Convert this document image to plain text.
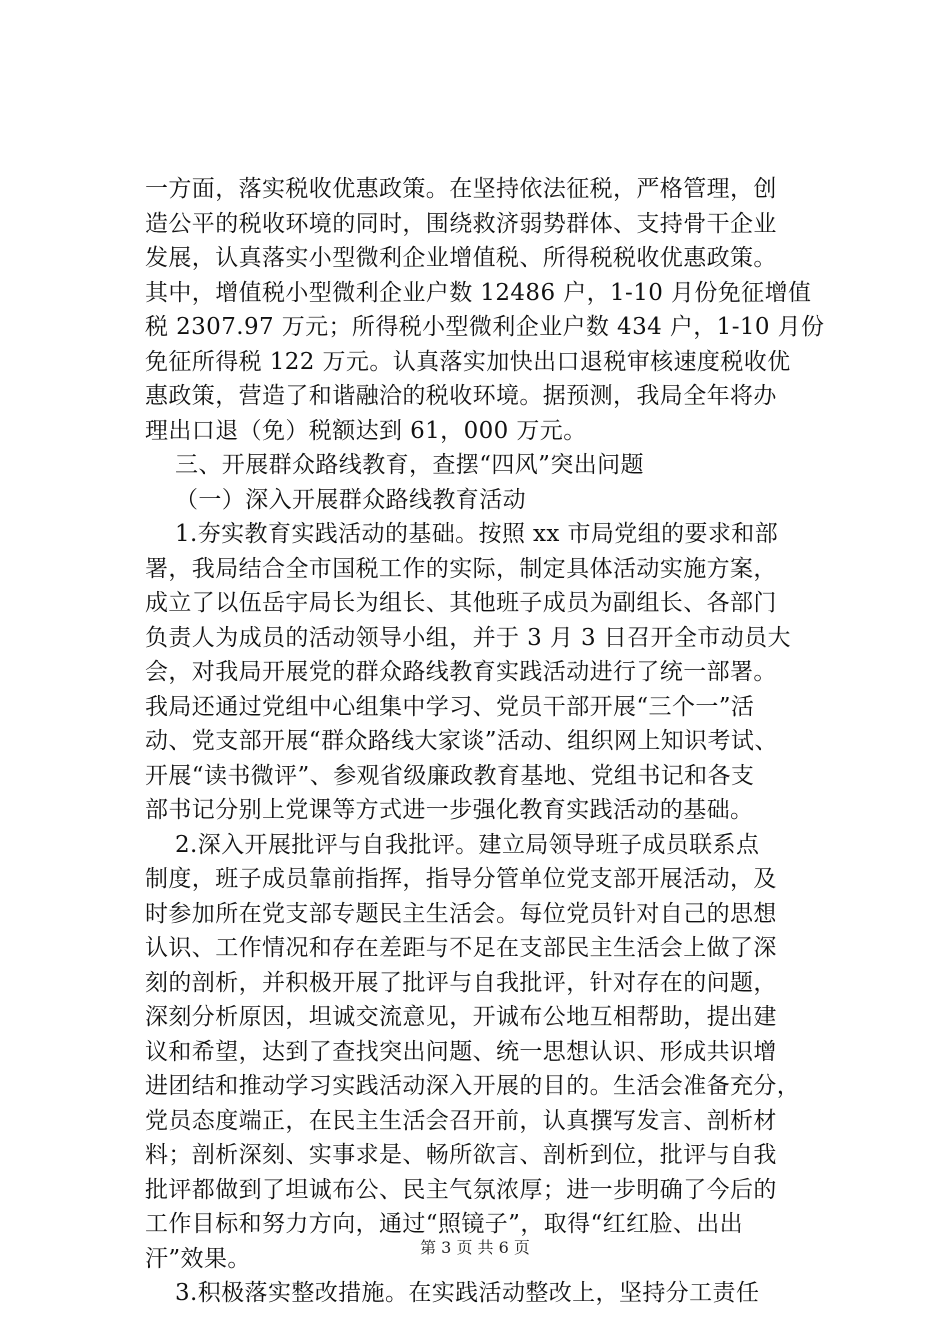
一方面，落实税收优惠政策。在坚持依法征税，严格管理，创
造公平的税收环境的同时，围绕救济弱势群体、支持骨干企业
发展，认真落实小型微利企业增值税、所得税税收优惠政策。
其中，增值税小型微利企业户数 12486 户，1-10 月份免征增值
税 2307.97 万元；所得税小型微利企业户数 434 户，1-10 月份
免征所得税 122 万元。认真落实加快出口退税审核速度税收优
惠政策，营造了和谐融洽的税收环境。据预测，我局全年将办
理出口退（免）税额达到 61，000 万元。
三、开展群众路线教育，查摆“四风”突出问题
（一）深入开展群众路线教育活动
1.夯实教育实践活动的基础。按照 xx 市局党组的要求和部
署，我局结合全市国税工作的实际，制定具体活动实施方案，
成立了以伍岳宇局长为组长、其他班子成员为副组长、各部门
负责人为成员的活动领导小组，并于 3 月 3 日召开全市动员大
会，对我局开展党的群众路线教育实践活动进行了统一部署。
我局还通过党组中心组集中学习、党员干部开展“三个一”活
动、党支部开展“群众路线大家谈”活动、组织网上知识考试、
开展“读书微评”、参观省级廉政教育基地、党组书记和各支
部书记分别上党课等方式进一步强化教育实践活动的基础。
2.深入开展批评与自我批评。建立局领导班子成员联系点
制度，班子成员靠前指挥，指导分管单位党支部开展活动，及
时参加所在党支部专题民主生活会。每位党员针对自己的思想
认识、工作情况和存在差距与不足在支部民主生活会上做了深
刻的剖析，并积极开展了批评与自我批评，针对存在的问题，
深刻分析原因，坦诚交流意见，开诚布公地互相帮助，提出建
议和希望，达到了查找突出问题、统一思想认识、形成共识增
进团结和推动学习实践活动深入开展的目的。生活会准备充分，
党员态度端正，在民主生活会召开前，认真撰写发言、剖析材
料；剖析深刻、实事求是、畅所欲言、剖析到位，批评与自我
批评都做到了坦诚布公、民主气氛浓厚；进一步明确了今后的
工作目标和努力方向，通过“照镜子”，取得“红红脸、出出
汗”效果。
3.积极落实整改措施。在实践活动整改上，坚持分工责任
第 3 页 共 6 页
